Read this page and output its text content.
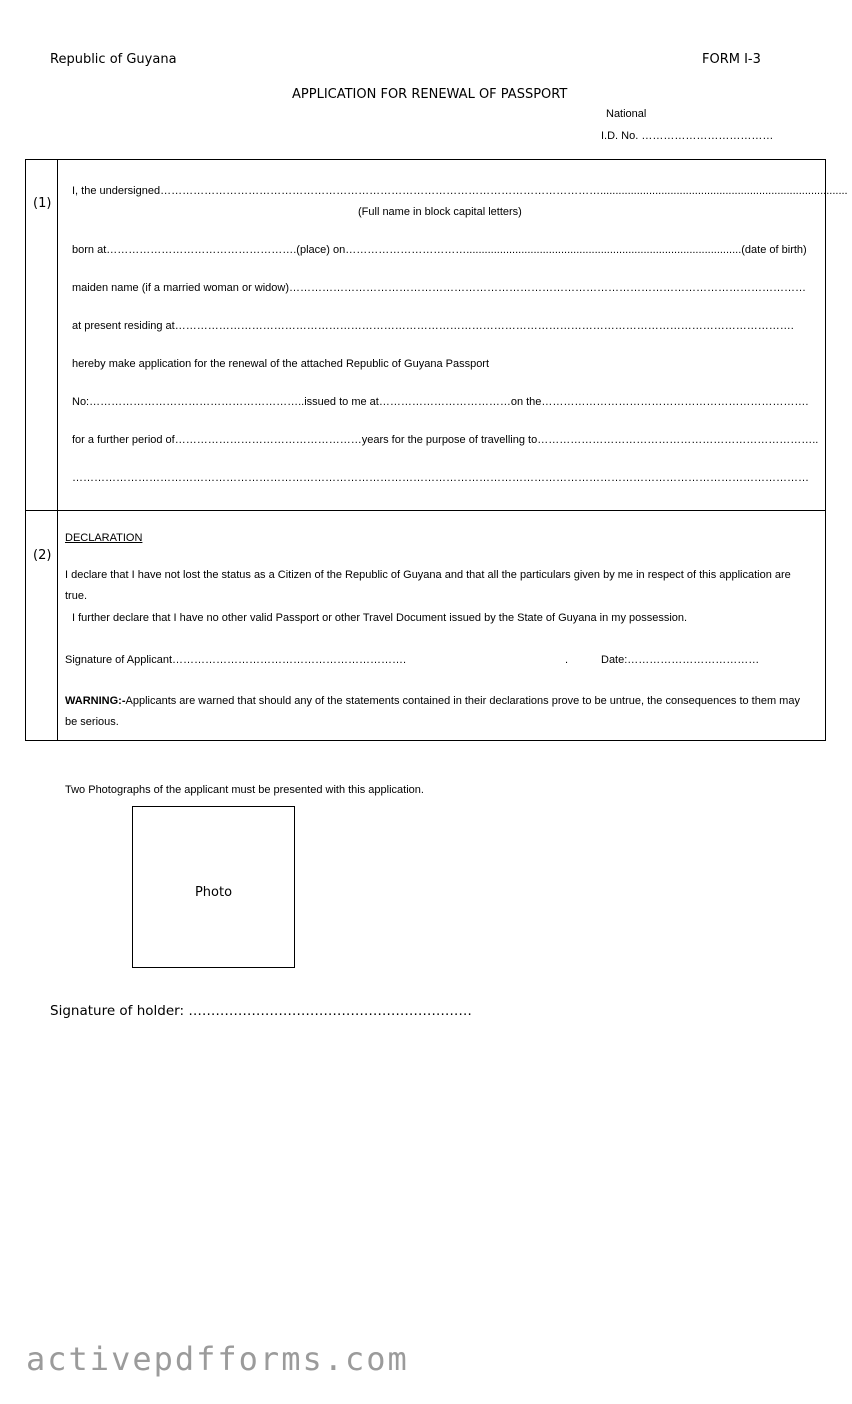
Republic of Guyana	FORM I-3
APPLICATION FOR RENEWAL OF PASSPORT
National
I.D. No. ………………………………
(1)
I, the undersigned………………………………………………………………………………………………………….................................................................................
(Full name in block capital letters)
born at…………………………………………….(place) on……………………………..........................................................................................(date of birth)
maiden name (if a married woman or widow)……………………………………………………………………………………………………………………………
at present residing at…………………………………………………………………………………………………………………………………………………….
hereby make application for the renewal of the attached Republic of Guyana Passport
No:…………………………………………………..issued to me at………………………………on the……………………………………………………………….
for a further period of……………………………………………years for the purpose of travelling to…………………………………………………………………..
…………………………………………………………………………………………………………………………………………………………………………………
(2)
DECLARATION
I declare that I have not lost the status as a Citizen of the Republic of Guyana and that all the particulars given by me in respect of this application are true.
I further declare that I have no other valid Passport or other Travel Document issued by the State of Guyana in my possession.
Signature of Applicant……………………………………………………….	.	Date:………………………………
WARNING:-Applicants are warned that should any of the statements contained in their declarations prove to be untrue, the consequences to them may be serious.
Two Photographs of the applicant must be presented with this application.
Photo
Signature of holder: ………………………………………………………
activepdfforms.com
